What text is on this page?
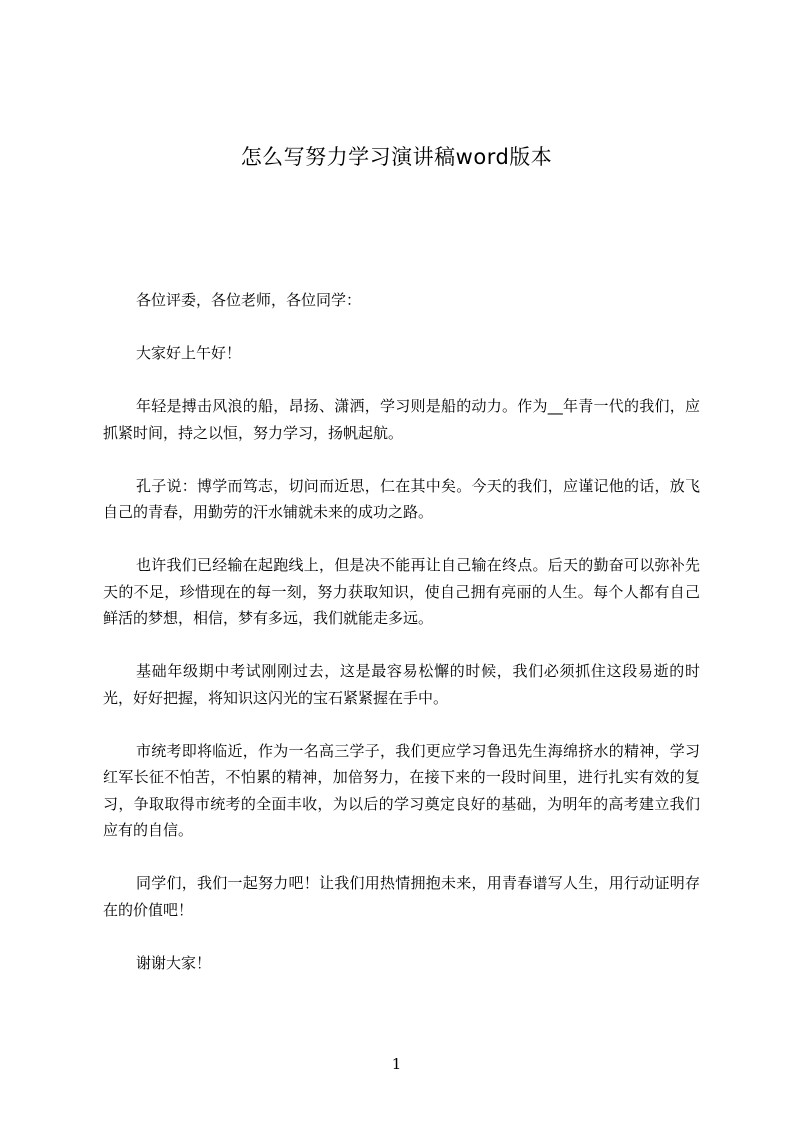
怎么写努力学习演讲稿word版本

各位评委，各位老师，各位同学：

大家好上午好！

年轻是搏击风浪的船，昂扬、潇洒，学习则是船的动力。作为__年青一代的我们，应抓紧时间，持之以恒，努力学习，扬帆起航。

孔子说：博学而笃志，切问而近思，仁在其中矣。今天的我们，应谨记他的话，放飞自己的青春，用勤劳的汗水铺就未来的成功之路。

也许我们已经输在起跑线上，但是决不能再让自己输在终点。后天的勤奋可以弥补先天的不足，珍惜现在的每一刻，努力获取知识，使自己拥有亮丽的人生。每个人都有自己鲜活的梦想，相信，梦有多远，我们就能走多远。

基础年级期中考试刚刚过去，这是最容易松懈的时候，我们必须抓住这段易逝的时光，好好把握，将知识这闪光的宝石紧紧握在手中。

市统考即将临近，作为一名高三学子，我们更应学习鲁迅先生海绵挤水的精神，学习红军长征不怕苦，不怕累的精神，加倍努力，在接下来的一段时间里，进行扎实有效的复习，争取取得市统考的全面丰收，为以后的学习奠定良好的基础，为明年的高考建立我们应有的自信。

同学们，我们一起努力吧！让我们用热情拥抱未来，用青春谱写人生，用行动证明存在的价值吧！

谢谢大家！

1
